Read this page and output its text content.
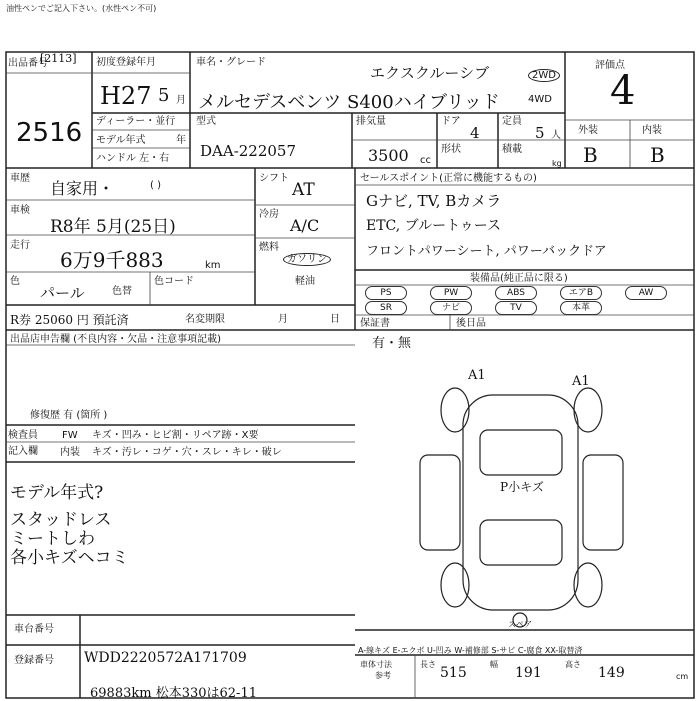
油性ペンでご記入下さい。(水性ペン不可)
出品番号
[2113]
2516
初度登録年月
H27 5 月
ディーラー・並行
モデル年式	年
ハンドル 左・右
車名・グレード
エクスクルーシブ
メルセデスベンツ S400ハイブリッド
2WD
4WD
型式
DAA-222057
排気量
3500 cc
ドア
4
形状
定員
5 人
積載
kg
評価点
4
外装	内装
B	B
車歴
自家用・	( )
車検
R8年 5月(25日)
走行
6万9千883	km
色
パール	色替
色コード
シフト
AT
冷房
A/C
燃料
ガソリン
軽油
セールスポイント(正常に機能するもの)
Gナビ, TV, Bカメラ
ETC, ブルートゥース
フロントパワーシート, パワーバックドア
装備品(純正品に限る)
PS	PW	ABS	エアB	AW
SR	ナビ	TV	本革
R券 25060 円 預託済	名変期限	月	日 保証書
有・無
後日品
出品店申告欄 (不良内容・欠品・注意事項記載)
修復歴 有 (箇所 )
検査員
記入欄
FW キズ・凹み・ヒビ割・リペア跡・X要
内装 キズ・汚レ・コゲ・穴・スレ・キレ・破レ
モデル年式?
スタッドレス
ミートしわ
各小キズヘコミ
A1	A1
P小キズ
スペア
A-線キズ E-エクボ U-凹み W-補修部 S-サビ C-腐食 XX-取替済
車台番号
登録番号 WDD2220572A171709	車体寸法
参考
長さ
515
幅
191
高さ
149	cm
69883km 松本330は62-11
